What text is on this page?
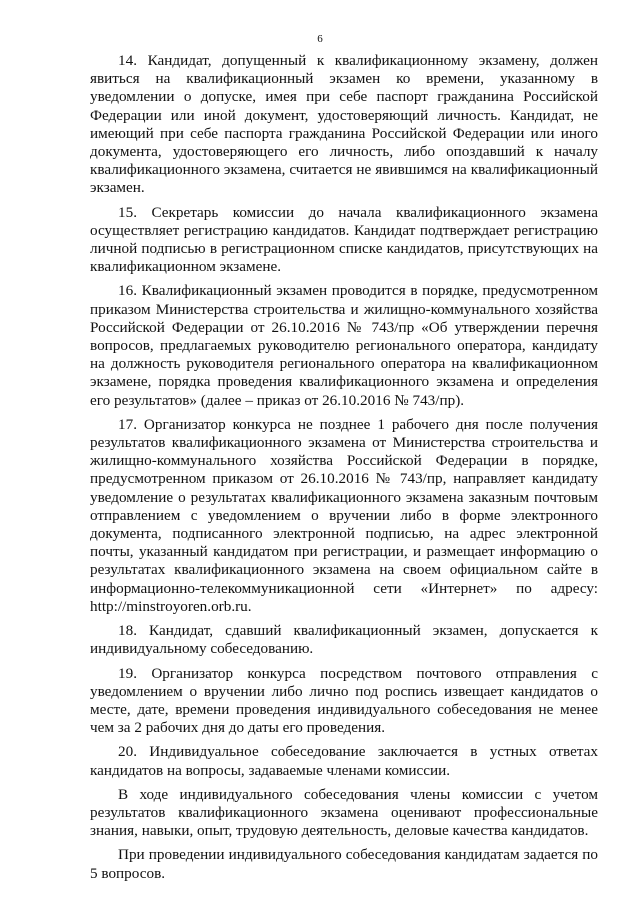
6

14. Кандидат, допущенный к квалификационному экзамену, должен явиться на квалификационный экзамен ко времени, указанному в уведомлении о допуске, имея при себе паспорт гражданина Российской Федерации или иной документ, удостоверяющий личность. Кандидат, не имеющий при себе паспорта гражданина Российской Федерации или иного документа, удостоверяющего его личность, либо опоздавший к началу квалификационного экзамена, считается не явившимся на квалификационный экзамен.

15. Секретарь комиссии до начала квалификационного экзамена осуществляет регистрацию кандидатов. Кандидат подтверждает регистрацию личной подписью в регистрационном списке кандидатов, присутствующих на квалификационном экзамене.

16. Квалификационный экзамен проводится в порядке, предусмотренном приказом Министерства строительства и жилищно-коммунального хозяйства Российской Федерации от 26.10.2016 № 743/пр «Об утверждении перечня вопросов, предлагаемых руководителю регионального оператора, кандидату на должность руководителя регионального оператора на квалификационном экзамене, порядка проведения квалификационного экзамена и определения его результатов» (далее – приказ от 26.10.2016 № 743/пр).

17. Организатор конкурса не позднее 1 рабочего дня после получения результатов квалификационного экзамена от Министерства строительства и жилищно-коммунального хозяйства Российской Федерации в порядке, предусмотренном приказом от 26.10.2016 № 743/пр, направляет кандидату уведомление о результатах квалификационного экзамена заказным почтовым отправлением с уведомлением о вручении либо в форме электронного документа, подписанного электронной подписью, на адрес электронной почты, указанный кандидатом при регистрации, и размещает информацию о результатах квалификационного экзамена на своем официальном сайте в информационно-телекоммуникационной сети «Интернет» по адресу: http://minstroyoren.orb.ru.

18. Кандидат, сдавший квалификационный экзамен, допускается к индивидуальному собеседованию.

19. Организатор конкурса посредством почтового отправления с уведомлением о вручении либо лично под роспись извещает кандидатов о месте, дате, времени проведения индивидуального собеседования не менее чем за 2 рабочих дня до даты его проведения.

20. Индивидуальное собеседование заключается в устных ответах кандидатов на вопросы, задаваемые членами комиссии.

В ходе индивидуального собеседования члены комиссии с учетом результатов квалификационного экзамена оценивают профессиональные знания, навыки, опыт, трудовую деятельность, деловые качества кандидатов.

При проведении индивидуального собеседования кандидатам задается по 5 вопросов.
